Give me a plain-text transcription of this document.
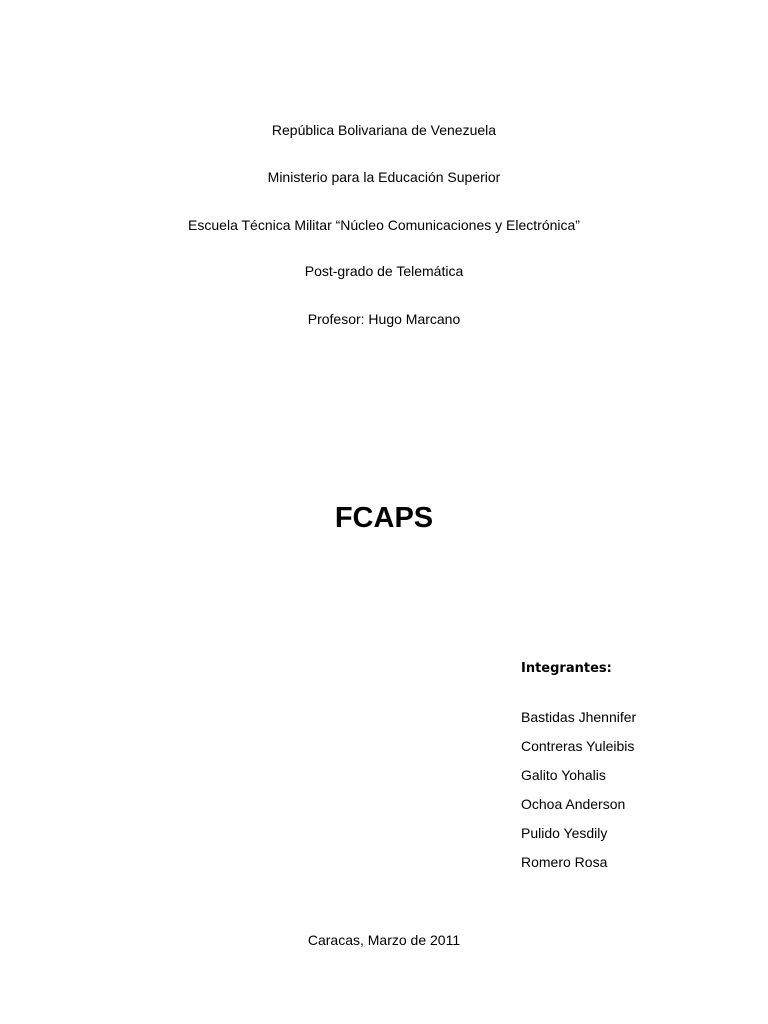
República Bolivariana de Venezuela
Ministerio para la Educación Superior
Escuela Técnica Militar “Núcleo Comunicaciones y Electrónica”
Post-grado de Telemática
Profesor: Hugo Marcano
FCAPS
Integrantes:
Bastidas Jhennifer
Contreras Yuleibis
Galito Yohalis
Ochoa Anderson
Pulido Yesdily
Romero Rosa
Caracas, Marzo de 2011
